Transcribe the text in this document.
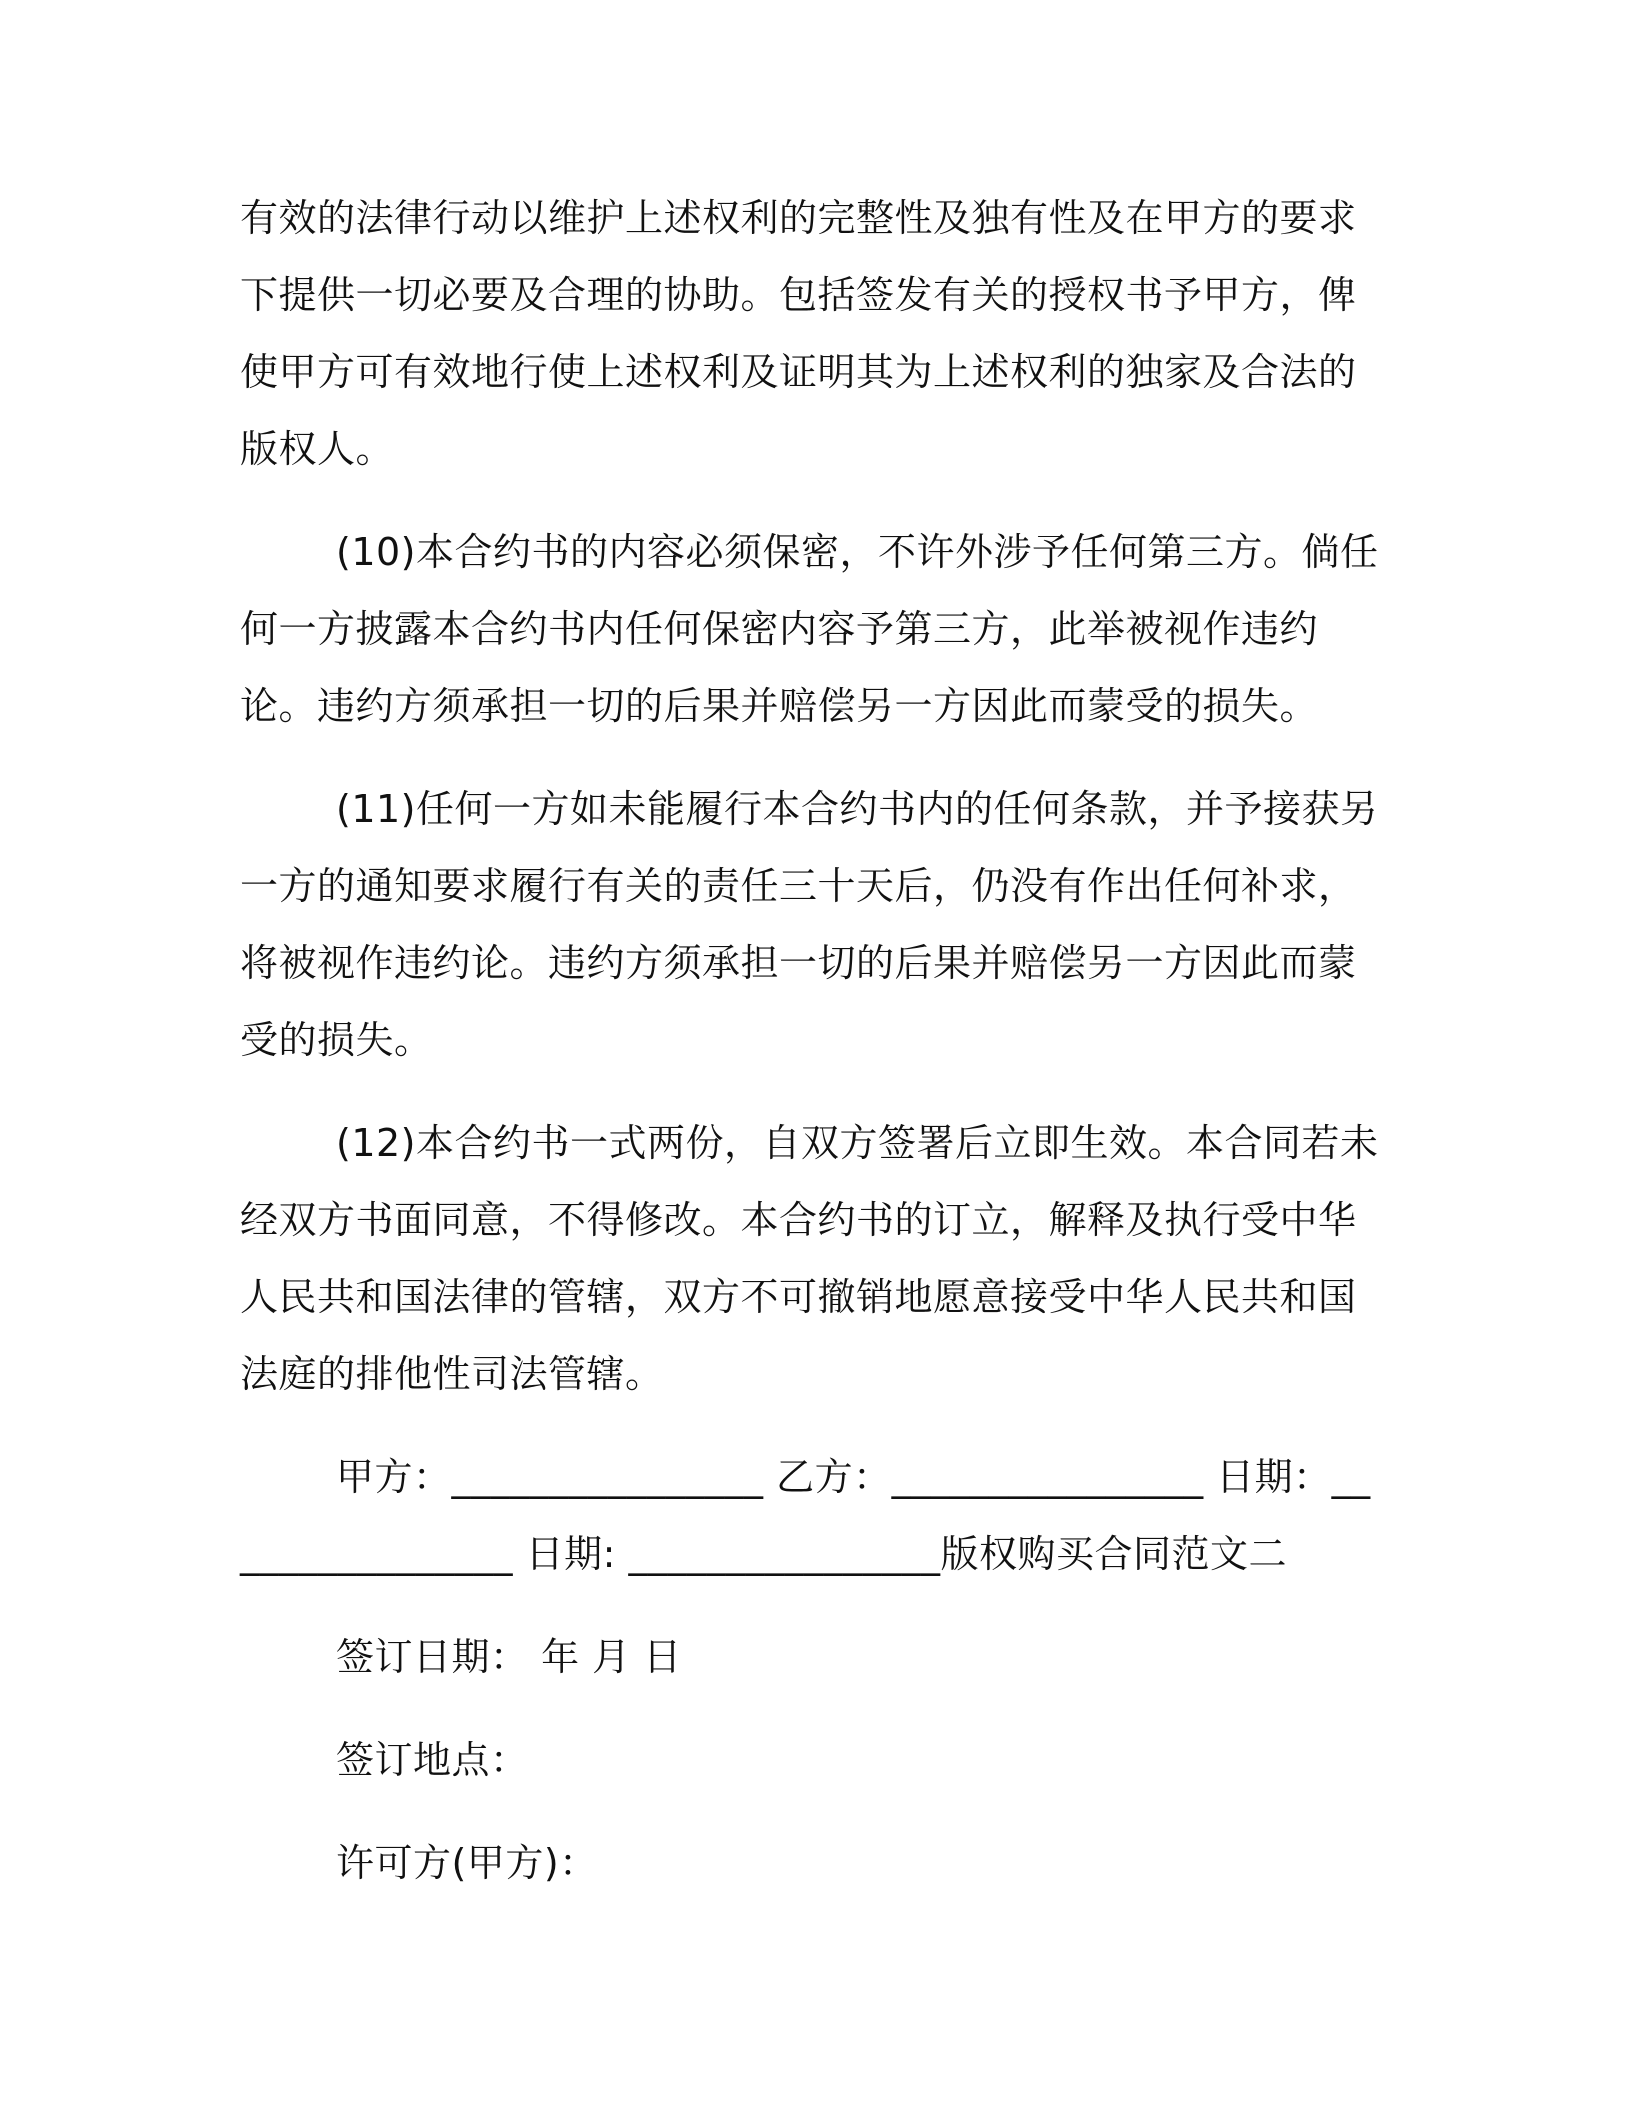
有效的法律行动以维护上述权利的完整性及独有性及在甲方的要求下提供一切必要及合理的协助。包括签发有关的授权书予甲方，俾使甲方可有效地行使上述权利及证明其为上述权利的独家及合法的版权人。

(10)本合约书的内容必须保密，不许外涉予任何第三方。倘任何一方披露本合约书内任何保密内容予第三方，此举被视作违约论。违约方须承担一切的后果并赔偿另一方因此而蒙受的损失。

(11)任何一方如未能履行本合约书内的任何条款，并予接获另一方的通知要求履行有关的责任三十天后，仍没有作出任何补求，将被视作违约论。违约方须承担一切的后果并赔偿另一方因此而蒙受的损失。

(12)本合约书一式两份，自双方签署后立即生效。本合同若未经双方书面同意，不得修改。本合约书的订立，解释及执行受中华人民共和国法律的管辖，双方不可撤销地愿意接受中华人民共和国法庭的排他性司法管辖。

甲方：________________ 乙方：________________ 日期：________________ 日期: ________________版权购买合同范文二

签订日期： 年 月 日

签订地点：

许可方(甲方)：
